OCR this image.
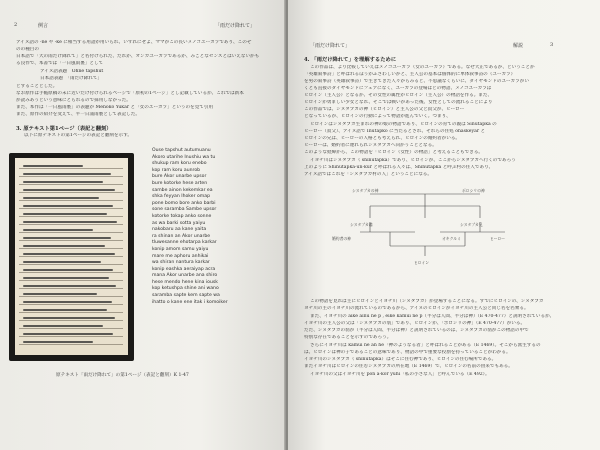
2	例言	「雨だけ降れて」
アイヌ語の -ne や -ke に相当する用語が用いられ、いずれにせよ、ママがこの長いメノコユーカラであり、このぞ
のの種目の
日本語で「犬の雨だけ降れて」と名付けられた、だれか、オンカユーカラであるか、みごとなセンスとはいえないかも
る良作で、本書では「一日風雨裏」として
アイヌ語表題　Ohne tapshut
日本語表題　「雨だけ降れて」
とすることとした。
なお原作は手帳原稿の末に近いだけ付けられるページで「原初の1ページ」とし記載しているが、これでは新本
が読みあうという意味にとられるので採用しなかった。
また、本作は「一日風雨裏」の表題が Menoko Yukar と「女のユーカラ」というのを見て引用
また、原作の紹介を変えて、平一日浦雨裏として表記した。
3. 原テキスト第1ページ（表記と翻刻）
以下に原テキストの第1ページの表記と翻刻を示す。
Ouse tapshut autumuanu
Akoro utarihe Inushiu wa tu
shukup ram koru enebo
kop ram koru aunrob
bure Akor unarbe upsor
bure kotorke hese arten
sambe ainon kekemkar ea
shka feyyan Ihoker omap
pone bomo bore anko barbi
sone saramba Sambe upsor
kotorke tokap anko sonne
as wa barki sotta yaiyu
nakobaru aa kane yaita
ra shinan an Akor unarbe
tluwesanne ehotarpa karkar
konip amom samu yaiyu
mare me aphoru anhikai
wa shiran nantura karkar
konip eashka aeraiyap acra
mana Akor unarbe ana shiro
hese mendo hene kina iousk
kop ketushpa shine ani wano
saramba sapte kem sapte wa
ihatto o kane ene itak i komoiker
原テキスト「雨だけ降れて」の第1ページ（表記と翻刻）K 1-47
「雨だけ降れて」	解説	3
4. 「雨だけ降れて」を理解するために
この作品は、より比較していえばメノコユーカラ（女のユーカラ）である。なぜ大正であるか、ということか
「英雄叙事詩」と呼ばれるほうがふさわしいかと、主人公の基本は個体的に単体叙事詩の（ユーカラ）
を男の叙事詩（英雄叙事詩）で生きてきた人々からみると、不思議なくらいに、ダイヤモンドのユーカラがい
くとも直接のダイヤモンドにフェアになく、ユーカラの登場はどの物語、メノコユーカラは
ヒロイン（主人公）となるか、その女性の属性がヒロイン（主人公）の物語を作る。また、
ヒロインが勇ましい少女となれ、そこでは戦いがあった後、女性としての流れることにより
この作品では、シヌタプカの神（ヒロイン）と主人公の父と叔父が、ヒーロー
となっているが、ヒロインの行動によって物語が進んでいく。つまり、
ヒロインはシヌタプカ生まれの神の娘の物語であり、ヒロインの育ての親は Sinutapka の
ヒーロー（叔父）、アイヌ語で Inutapko に当たるとされ、それらの住処 ohaskeyar と
ヒロインの兄は、ヒーローの人格とも考えられ、ヒロインの婚約者がいる。
ヒーローは、婚約者に連れられシヌタプカへ向かうこととなる。
このような経緯から、この物語を「ヒロイン（女性）の物語」と考えることもできる。
イヨチ川はシヌタプカ（ shinutapka）であり、ヒロインが、ここからシヌタプカへ行くのであろう
上のように Shinutapka-un-kur と呼ばれる人々は、Shinutapka と呼ぶ村の住人であり、
アイヌ語ではこれを「シヌタプカ村の人」ということになる。
この物語を見れば主にヒロインとイヨチ川（シヌタプカ）が登場することになる。すでにヒロインの、シヌタプカ
ヨチ川の主のイヨチ川の流れているのであるから、アイヌのヒロインがイヨチ川の主人公と同じ名を名乗る。
また、イヨチ川の aike ainu ne p , eike kamui ne p（半分は人間、半分は神）（E 470-477）と説明されているが、
イヨチ川の主人公の父は「シヌタプカの翁」であり、ヒロインが、「ポロシリの神」（E 470-477）がいる。
ただ、シヌタプカの翁が（半分は人間、半分は神）と説明されているのは、シヌタプカの翁がこの物語の中で
特別な存在であることを示すのであろう。
さらにイヨチ川は kamui ne an he「神のようなる者」と呼ばれることがある（E 1469）。そこから派生するの
は、ヒロインは神の子であることの意味であり、物語の中で重要な役割を持っていることがわかる。
イヨチ川のシヌタプカ（ shinutapka）はそこに住む神であり、ヒロインの住む場所である。
またイヨチ川はヒロインの住むシヌタプカの所在地（E 1469）で、ヒロインの名前の由来でもある。
イヨチ川の父はイヨチ川を pon a-kor yuhi「私の小さな人」と呼んでいる（E 492）。
シヌタプカの神	ポロシリの神
シヌタプカ翁	シヌタプカ兄
婚約者の神
ヒロイン
オキクルミ	ヒーロー
